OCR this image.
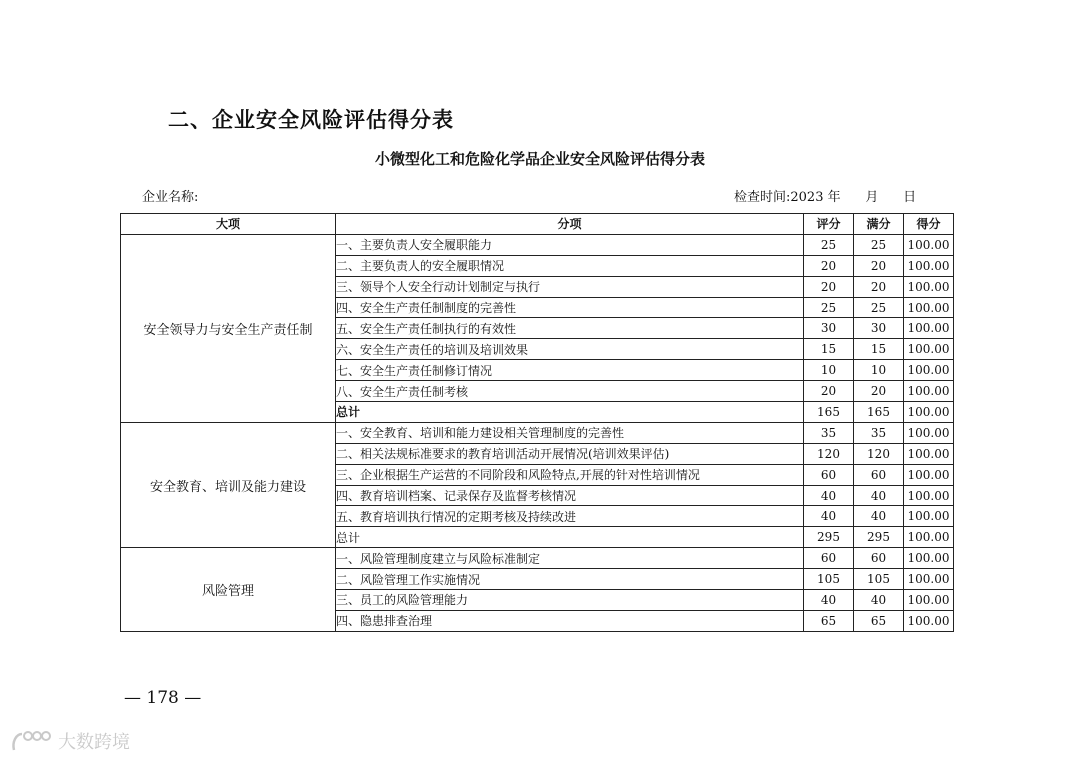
二、企业安全风险评估得分表
小微型化工和危险化学品企业安全风险评估得分表
企业名称:	检查时间:2023 年      月      日
大项	分项	评分	满分	得分
安全领导力与安全生产责任制	一、主要负责人安全履职能力	25	25	100.00
	二、主要负责人的安全履职情况	20	20	100.00
	三、领导个人安全行动计划制定与执行	20	20	100.00
	四、安全生产责任制制度的完善性	25	25	100.00
	五、安全生产责任制执行的有效性	30	30	100.00
	六、安全生产责任的培训及培训效果	15	15	100.00
	七、安全生产责任制修订情况	10	10	100.00
	八、安全生产责任制考核	20	20	100.00
	总计	165	165	100.00
安全教育、培训及能力建设	一、安全教育、培训和能力建设相关管理制度的完善性	35	35	100.00
	二、相关法规标准要求的教育培训活动开展情况(培训效果评估)	120	120	100.00
	三、企业根据生产运营的不同阶段和风险特点,开展的针对性培训情况	60	60	100.00
	四、教育培训档案、记录保存及监督考核情况	40	40	100.00
	五、教育培训执行情况的定期考核及持续改进	40	40	100.00
	总计	295	295	100.00
风险管理	一、风险管理制度建立与风险标准制定	60	60	100.00
	二、风险管理工作实施情况	105	105	100.00
	三、员工的风险管理能力	40	40	100.00
	四、隐患排查治理	65	65	100.00
— 178 —
大数跨境
